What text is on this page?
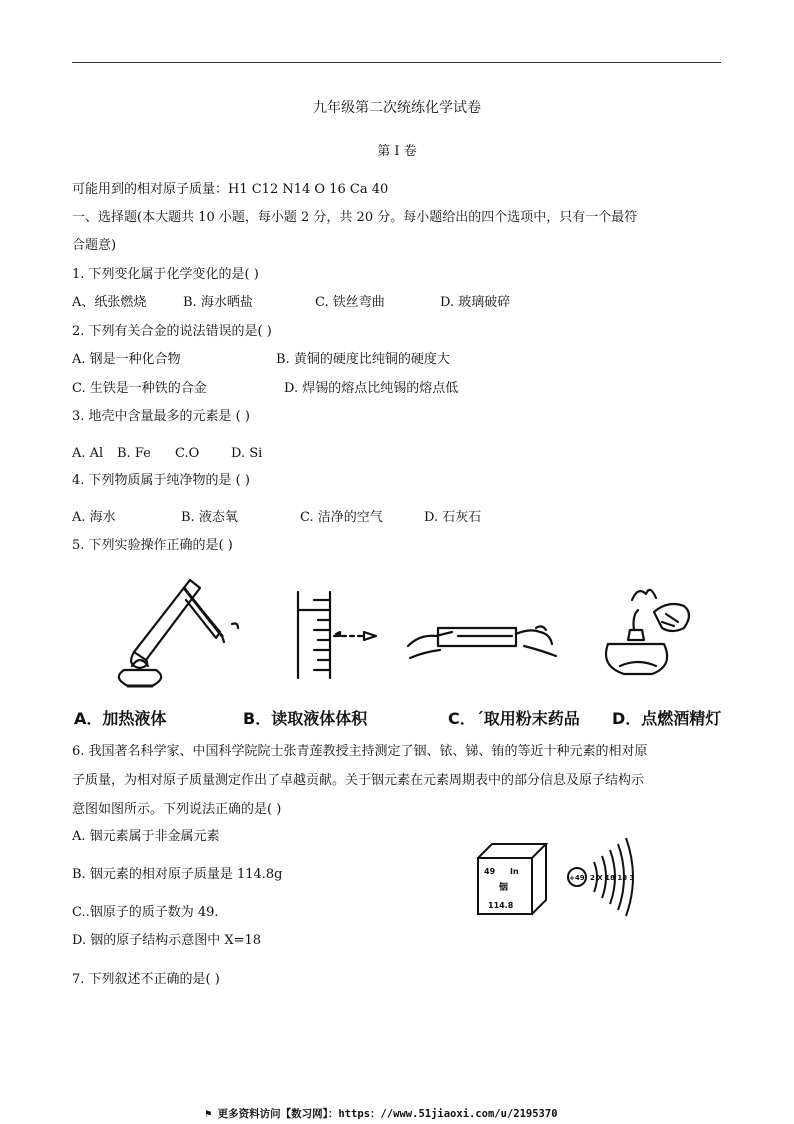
九年级第二次统练化学试卷
第 I 卷
可能用到的相对原子质量：H1 C12 N14 O 16 Ca 40
一、选择题(本大题共 10 小题，每小题 2 分，共 20 分。每小题给出的四个选项中，只有一个最符
合题意)
1. 下列变化属于化学变化的是( )
A、纸张燃烧	B. 海水晒盐	C. 铁丝弯曲	D. 玻璃破碎
2. 下列有关合金的说法错误的是( )
A. 钢是一种化合物	B. 黄铜的硬度比纯铜的硬度大
C. 生铁是一种铁的合金	D. 焊锡的熔点比纯锡的熔点低
3. 地壳中含量最多的元素是 ( )
A. Al B. Fe C.O D. Si
4. 下列物质属于纯净物的是 ( )
A. 海水	B. 液态氧	C. 洁净的空气	D. 石灰石
5. 下列实验操作正确的是( )
A．加热液体	B．读取液体体积	C．´取用粉末药品 D．点燃酒精灯
6. 我国著名科学家、中国科学院院士张青莲教授主持测定了铟、铱、锑、铕的等近十种元素的相对原
子质量，为相对原子质量测定作出了卓越贡献。关于铟元素在元素周期表中的部分信息及原子结构示
意图如图所示。下列说法正确的是( )
A. 铟元素属于非金属元素
B. 铟元素的相对原子质量是 114.8g
C..铟原子的质子数为 49.
D. 铟的原子结构示意图中 X=18
49 In
铟
114.8
+49 2 X 18 18 3
7. 下列叙述不正确的是( )
⚑ 更多资料访问【数习网】：https：//www.51jiaoxi.com/u/2195370
